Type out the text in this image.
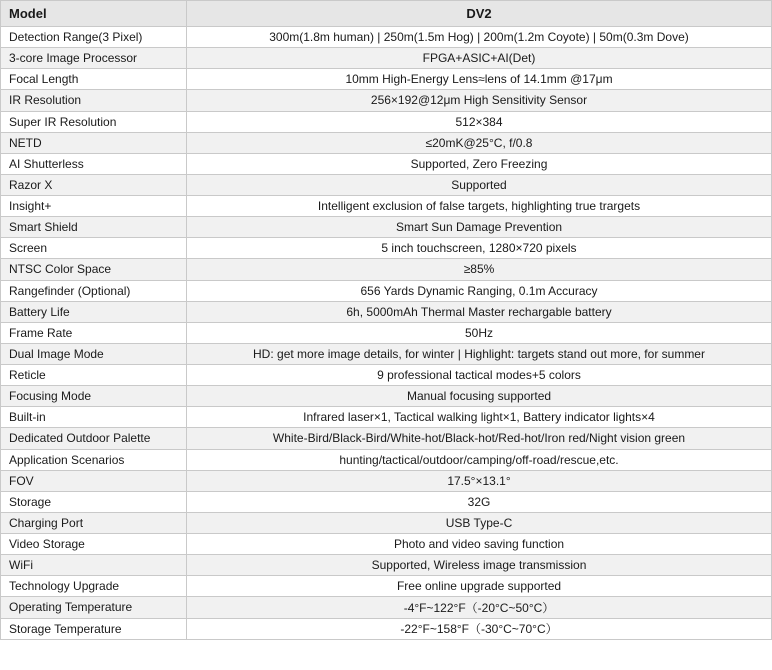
Model	DV2
Detection Range(3 Pixel)	300m(1.8m human) | 250m(1.5m Hog) | 200m(1.2m Coyote) | 50m(0.3m Dove)
3-core Image Processor	FPGA+ASIC+AI(Det)
Focal Length	10mm High-Energy Lens≈lens of 14.1mm @17μm
IR Resolution	256×192@12μm High Sensitivity Sensor
Super IR Resolution	512×384
NETD	≤20mK@25°C, f/0.8
AI Shutterless	Supported, Zero Freezing
Razor X	Supported
Insight+	Intelligent exclusion of false targets, highlighting true trargets
Smart Shield	Smart Sun Damage Prevention
Screen	5 inch touchscreen, 1280×720 pixels
NTSC Color Space	≥85%
Rangefinder (Optional)	656 Yards Dynamic Ranging, 0.1m Accuracy
Battery Life	6h, 5000mAh Thermal Master rechargable battery
Frame Rate	50Hz
Dual Image Mode	HD: get more image details, for winter | Highlight: targets stand out more, for summer
Reticle	9 professional tactical modes+5 colors
Focusing Mode	Manual focusing supported
Built-in	Infrared laser×1, Tactical walking light×1, Battery indicator lights×4
Dedicated Outdoor Palette	White-Bird/Black-Bird/White-hot/Black-hot/Red-hot/Iron red/Night vision green
Application Scenarios	hunting/tactical/outdoor/camping/off-road/rescue,etc.
FOV	17.5°×13.1°
Storage	32G
Charging Port	USB Type-C
Video Storage	Photo and video saving function
WiFi	Supported, Wireless image transmission
Technology Upgrade	Free online upgrade supported
Operating Temperature	-4°F~122°F（-20°C~50°C）
Storage Temperature	-22°F~158°F（-30°C~70°C）
